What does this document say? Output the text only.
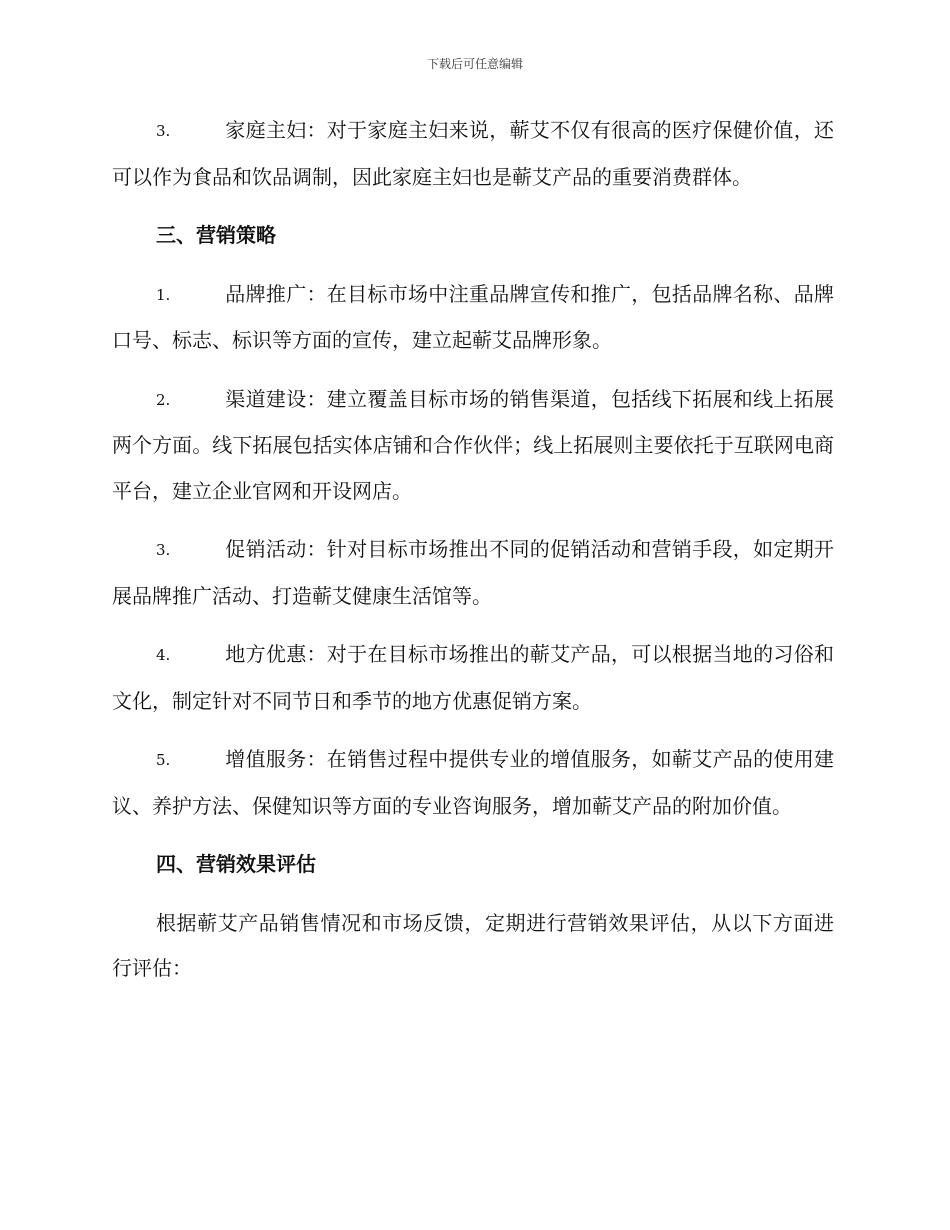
下载后可任意编辑

3.	家庭主妇：对于家庭主妇来说，蕲艾不仅有很高的医疗保健价值，还可以作为食品和饮品调制，因此家庭主妇也是蕲艾产品的重要消费群体。

三、营销策略

1.	品牌推广：在目标市场中注重品牌宣传和推广，包括品牌名称、品牌口号、标志、标识等方面的宣传，建立起蕲艾品牌形象。

2.	渠道建设：建立覆盖目标市场的销售渠道，包括线下拓展和线上拓展两个方面。线下拓展包括实体店铺和合作伙伴；线上拓展则主要依托于互联网电商平台，建立企业官网和开设网店。

3.	促销活动：针对目标市场推出不同的促销活动和营销手段，如定期开展品牌推广活动、打造蕲艾健康生活馆等。

4.	地方优惠：对于在目标市场推出的蕲艾产品，可以根据当地的习俗和文化，制定针对不同节日和季节的地方优惠促销方案。

5.	增值服务：在销售过程中提供专业的增值服务，如蕲艾产品的使用建议、养护方法、保健知识等方面的专业咨询服务，增加蕲艾产品的附加价值。

四、营销效果评估

根据蕲艾产品销售情况和市场反馈，定期进行营销效果评估，从以下方面进行评估：
